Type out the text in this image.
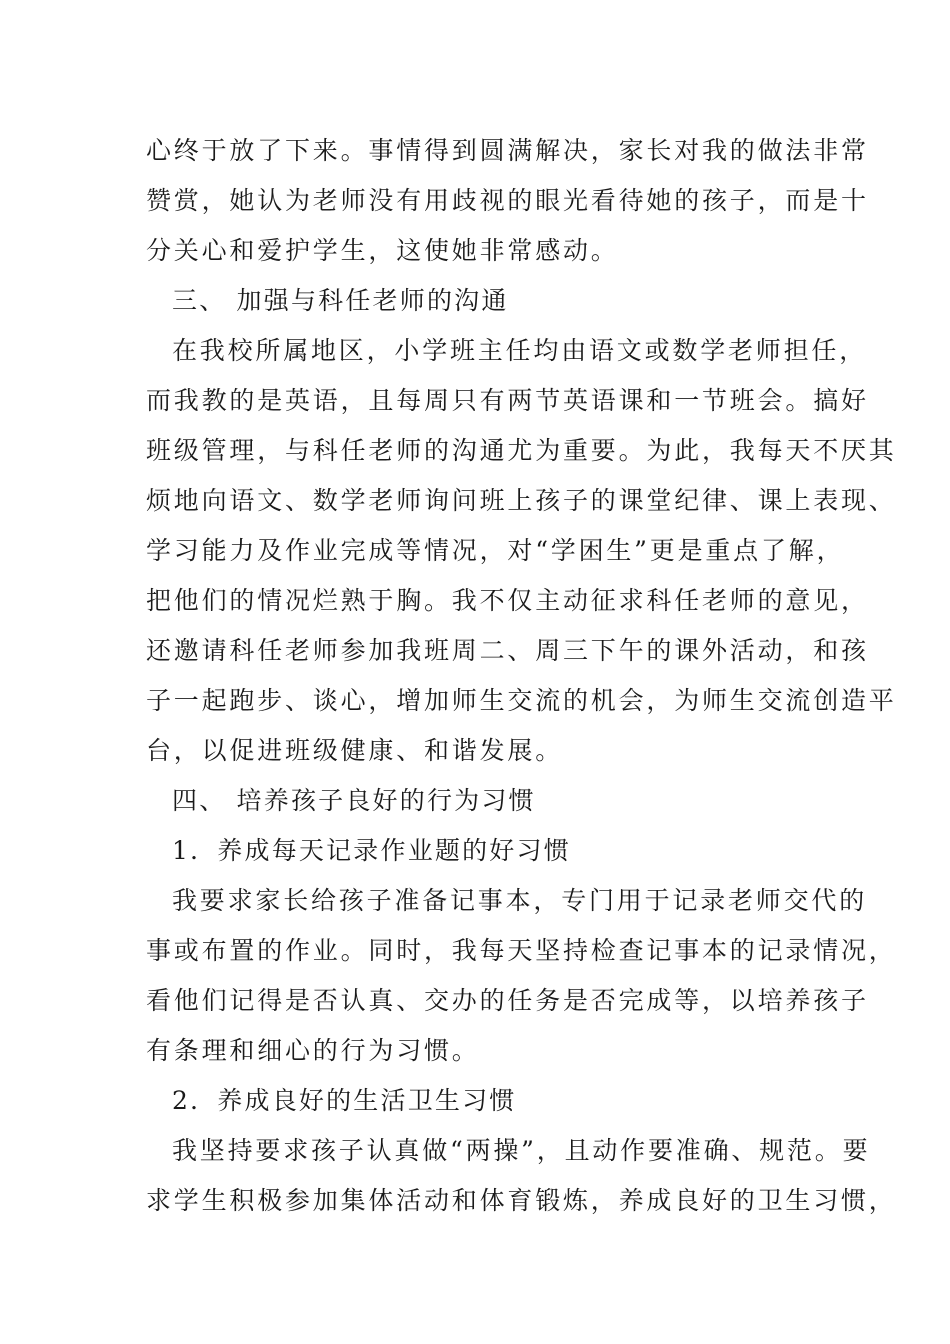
心终于放了下来。事情得到圆满解决，家长对我的做法非常
赞赏，她认为老师没有用歧视的眼光看待她的孩子，而是十
分关心和爱护学生，这使她非常感动。
三、 加强与科任老师的沟通
在我校所属地区，小学班主任均由语文或数学老师担任，
而我教的是英语，且每周只有两节英语课和一节班会。搞好
班级管理，与科任老师的沟通尤为重要。为此，我每天不厌其
烦地向语文、数学老师询问班上孩子的课堂纪律、课上表现、
学习能力及作业完成等情况，对“学困生”更是重点了解，
把他们的情况烂熟于胸。我不仅主动征求科任老师的意见，
还邀请科任老师参加我班周二、周三下午的课外活动，和孩
子一起跑步、谈心，增加师生交流的机会，为师生交流创造平
台，以促进班级健康、和谐发展。
四、 培养孩子良好的行为习惯
1．养成每天记录作业题的好习惯
我要求家长给孩子准备记事本，专门用于记录老师交代的
事或布置的作业。同时，我每天坚持检查记事本的记录情况，
看他们记得是否认真、交办的任务是否完成等，以培养孩子
有条理和细心的行为习惯。
2．养成良好的生活卫生习惯
我坚持要求孩子认真做“两操”，且动作要准确、规范。要
求学生积极参加集体活动和体育锻炼，养成良好的卫生习惯，
